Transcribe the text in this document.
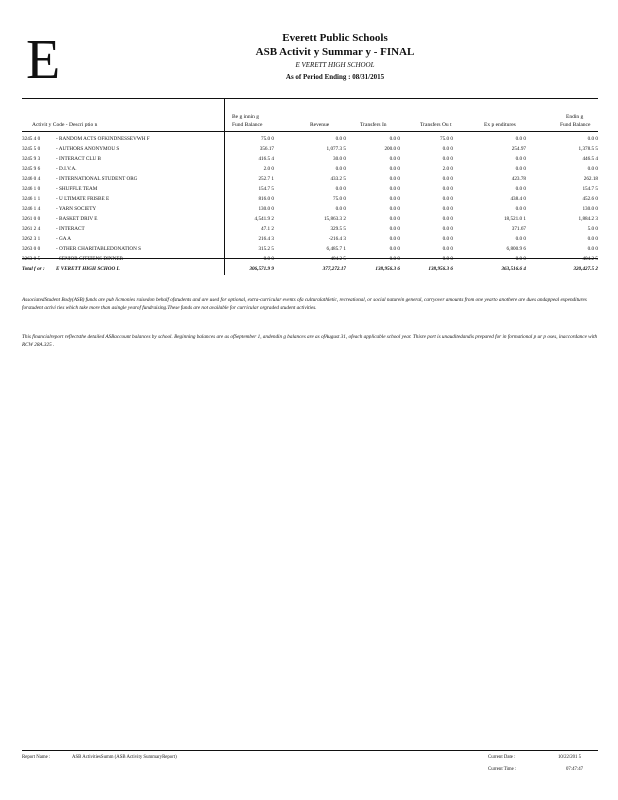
E	Everett Public Schools
ASB Activit y Summar y - FINAL
E VERETT HIGH SCHOOL
As of Period Ending : 08/31/2015
Activit y Code - Descri ptio n
Be g innin g
Fund Balance	Revenue	Transfers In	Transfers Ou t	Ex p enditures
Endin g
Fund Balance
3245 4 0	- RANDOM ACTS OFKINDNESSEVWH F	75.0 0	0.0 0	0.0 0	75.0 0	0.0 0	0.0 0
3245 5 0	- AUTHORS ANONYMOU S	356.17	1,077.3 5	200.0 0	0.0 0	254.97	1,378.5 5
3245 9 3	- INTERACT CLU B	416.5 4	30.0 0	0.0 0	0.0 0	0.0 0	446.5 4
3245 9 6	- D.I.V.A.	2.0 0	0.0 0	0.0 0	2.0 0	0.0 0	0.0 0
3246 0 4	- INTERNATIONAL STUDENT ORG	252.7 1	433.2 5	0.0 0	0.0 0	423.78	262.18
3246 1 0	- SHUFFLE TEAM	154.7 5	0.0 0	0.0 0	0.0 0	0.0 0	154.7 5
3246 1 1	- U LTIMATE FRISBE E	816.0 0	75.0 0	0.0 0	0.0 0	438.4 0	452.6 0
3246 1 4	- YARN SOCIETY	130.0 0	0.0 0	0.0 0	0.0 0	0.0 0	130.0 0
3261 0 0	- BASKET DRIV E	4,541.9 2	15,863.3 2	0.0 0	0.0 0	18,521.0 1	1,884.2 3
3261 2 4	- INTERACT	47.1 2	329.5 5	0.0 0	0.0 0	371.67	5.0 0
3262 3 1	- GA A	216.4 3	-216.4 3	0.0 0	0.0 0	0.0 0	0.0 0
3263 0 0	- OTHER CHARITABLEDONATION S	315.2 5	6,485.7 1	0.0 0	0.0 0	6,800.9 6	0.0 0
3263 0 5	- SENIOR CITIZENS DINNER	0.0 0	404.2 5	0.0 0	0.0 0	0.0 0	404.2 5
Total f or :	E VERETT HIGH SCHOO L	306,571.9 9	377,272.17	138,956.3 6	138,956.3 6	363,516.6 4	320,427.5 2
AssociatedStudent Body(ASB) funds are pub licmonies raisedon behalf ofstudents and are used for optional, extra-curricular events ofa culturalathletic, recreational, or social naturein general, carryover amounts from one yearto anothere are dues andappeal expenditures forstudent activi ties which take more than asingle yearof fundraising.These funds are not available for curricular orgraded student activities.
This financialreport reflectsthe detailed ASBaccount balances by school. Beginning balances are as ofSeptember 1, andendin g balances are as ofAugust 31, ofeach applicable school year. Thisre port is unauditedandis prepared for in formational p ur p oses, inaccordance with RCW 28A.325 .
Report Name :	ASB ActivitiesSumm (ASB Activity SummaryReport)	Current Date :	10/22/201 5
Current Time :	07:47:47
